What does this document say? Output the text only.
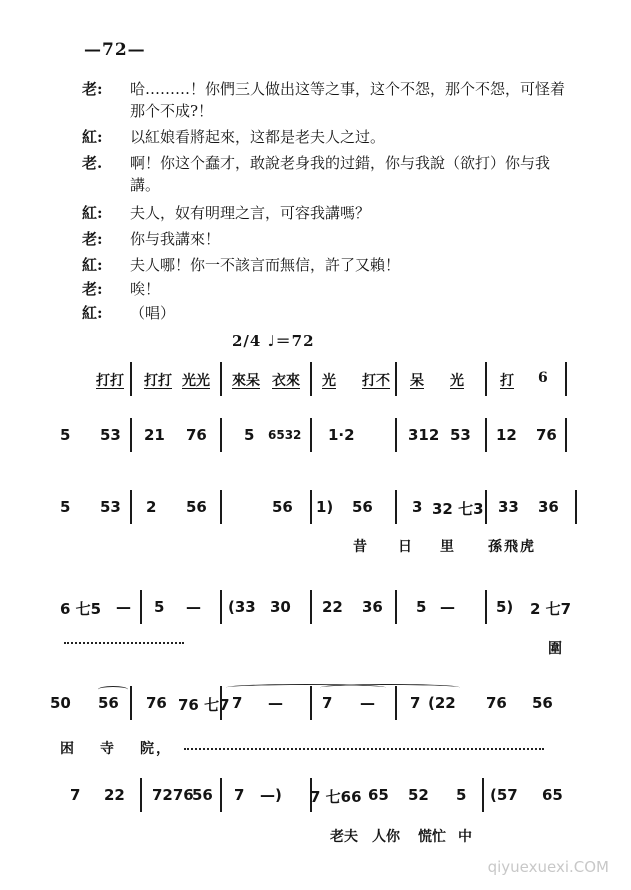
—72—
老:	哈………！你們三人做出这等之事，这个不怨，那个不怨，可怪着那个不成?！
紅:	以紅娘看將起來，这都是老夫人之过。
老.	啊！你这个蠢才，敢說老身我的过錯，你与我說（欲打）你与我講。
紅:	夫人，奴有明理之言，可容我講嗎？
老:	你与我講來！
紅:	夫人哪！你一不該言而無信，許了又賴！
老:	唉！
紅:	（唱）
2/4 ♩＝72
打打 打打 光光 來呆 衣來 光 打不 呆 光	打 6
5 53 21 76 5 6532 1·2	312 53 12 76
5 53 2 56	56 1) 56	3 32 七3 33 36
昔 日 里 孫飛虎
6 七5 — 5 — (33 30 22 36 5 —	5) 2 七7
圍
50 56 76 76 七7 7 —	7 — 7 (22 76 56
困 寺 院，
7 22 7276
56 7 —) 7 七66 65 52 5 (57 65
老夫 人你 慌忙 中
qiyuexuexi.COM
